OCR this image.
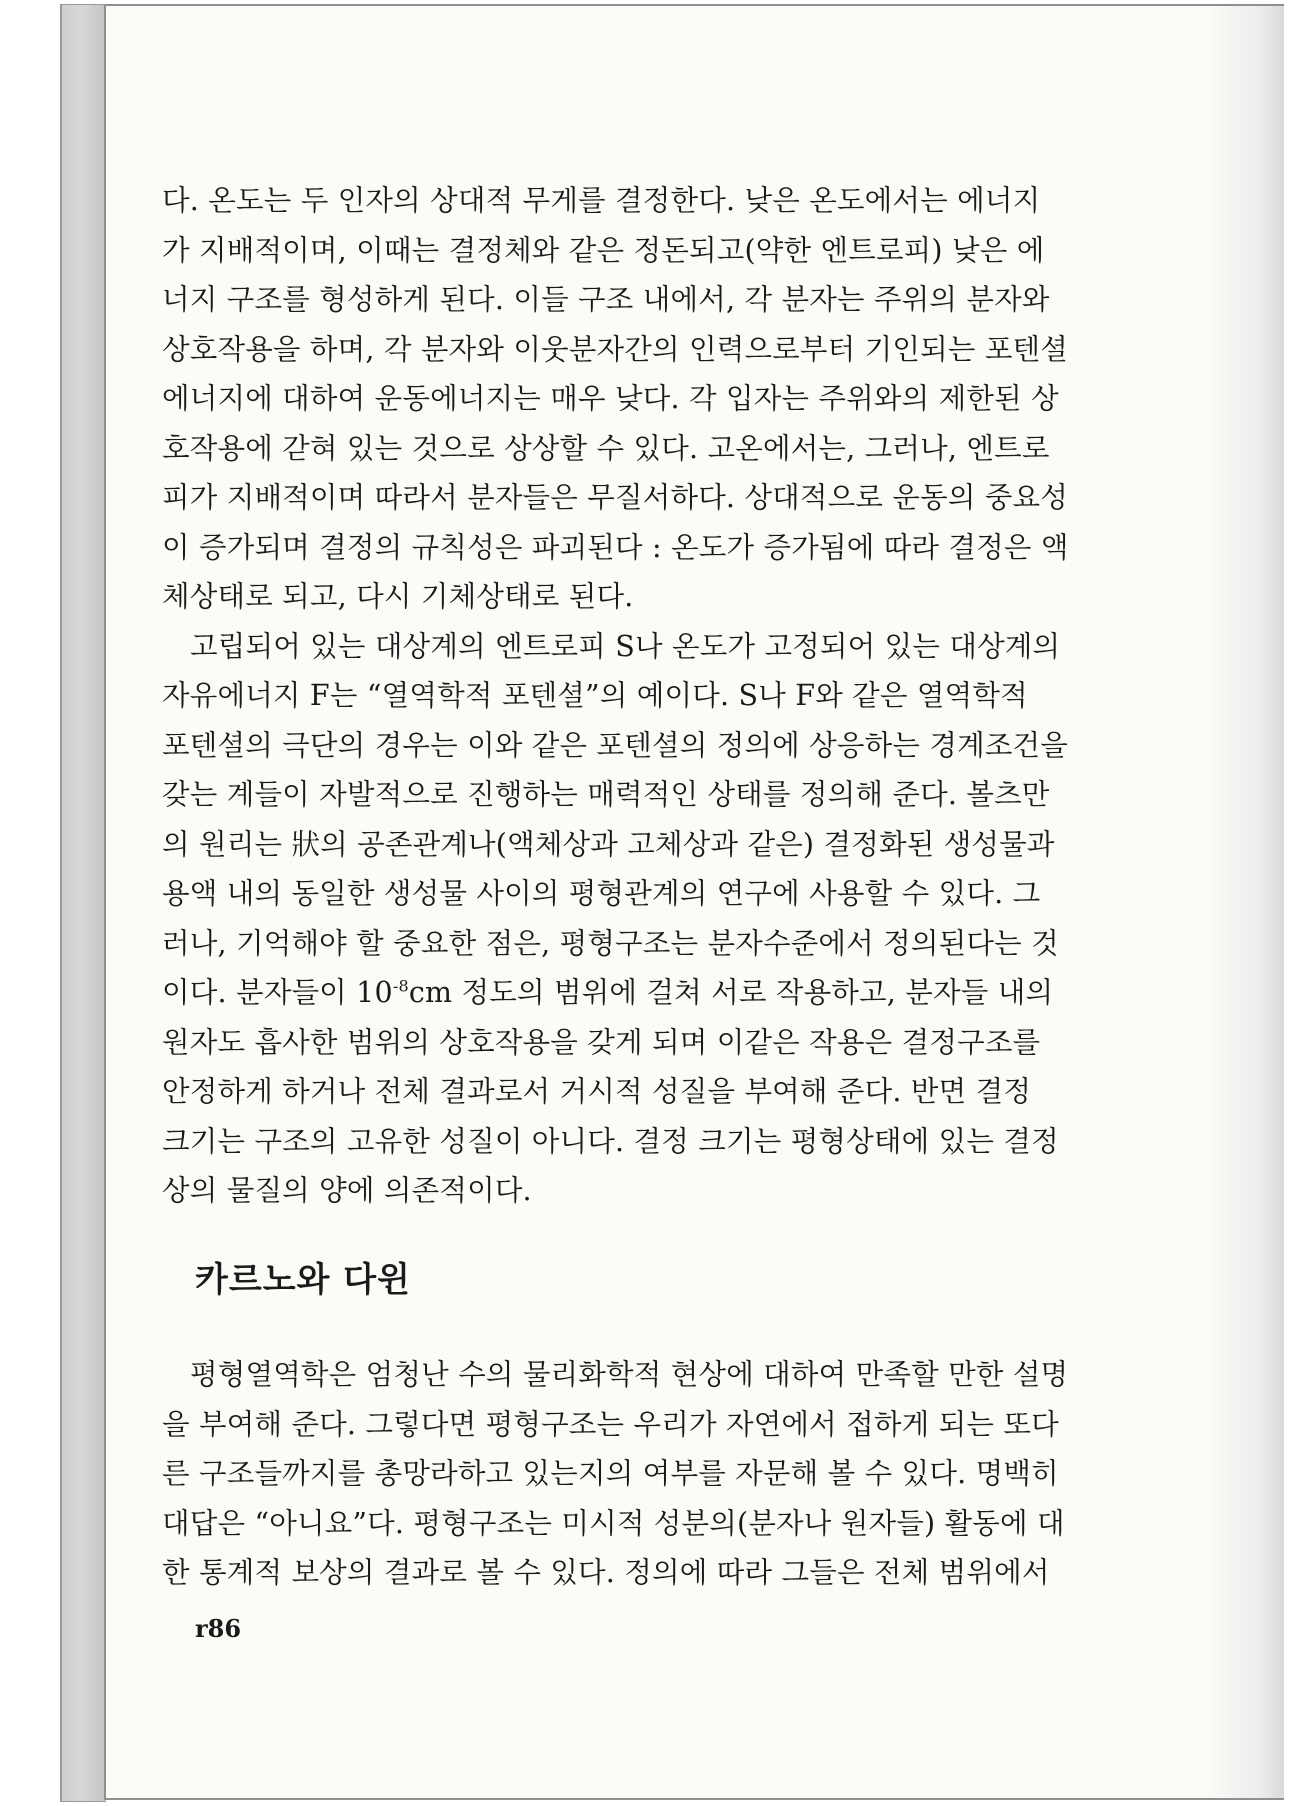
다. 온도는 두 인자의 상대적 무게를 결정한다. 낮은 온도에서는 에너지
가 지배적이며, 이때는 결정체와 같은 정돈되고(약한 엔트로피) 낮은 에
너지 구조를 형성하게 된다. 이들 구조 내에서, 각 분자는 주위의 분자와
상호작용을 하며, 각 분자와 이웃분자간의 인력으로부터 기인되는 포텐셜
에너지에 대하여 운동에너지는 매우 낮다. 각 입자는 주위와의 제한된 상
호작용에 갇혀 있는 것으로 상상할 수 있다. 고온에서는, 그러나, 엔트로
피가 지배적이며 따라서 분자들은 무질서하다. 상대적으로 운동의 중요성
이 증가되며 결정의 규칙성은 파괴된다 : 온도가 증가됨에 따라 결정은 액
체상태로 되고, 다시 기체상태로 된다.

고립되어 있는 대상계의 엔트로피 S나 온도가 고정되어 있는 대상계의
자유에너지 F는 “열역학적 포텐셜”의 예이다. S나 F와 같은 열역학적
포텐셜의 극단의 경우는 이와 같은 포텐셜의 정의에 상응하는 경계조건을
갖는 계들이 자발적으로 진행하는 매력적인 상태를 정의해 준다. 볼츠만
의 원리는 狀의 공존관계나(액체상과 고체상과 같은) 결정화된 생성물과
용액 내의 동일한 생성물 사이의 평형관계의 연구에 사용할 수 있다. 그
러나, 기억해야 할 중요한 점은, 평형구조는 분자수준에서 정의된다는 것
이다. 분자들이 $10^{-8}cm$ 정도의 범위에 걸쳐 서로 작용하고, 분자들 내의
원자도 흡사한 범위의 상호작용을 갖게 되며 이같은 작용은 결정구조를
안정하게 하거나 전체 결과로서 거시적 성질을 부여해 준다. 반면 결정
크기는 구조의 고유한 성질이 아니다. 결정 크기는 평형상태에 있는 결정
상의 물질의 양에 의존적이다.

카르노와 다윈

평형열역학은 엄청난 수의 물리화학적 현상에 대하여 만족할 만한 설명
을 부여해 준다. 그렇다면 평형구조는 우리가 자연에서 접하게 되는 또다
른 구조들까지를 총망라하고 있는지의 여부를 자문해 볼 수 있다. 명백히
대답은 “아니요”다. 평형구조는 미시적 성분의(분자나 원자들) 활동에 대
한 통계적 보상의 결과로 볼 수 있다. 정의에 따라 그들은 전체 범위에서

r86
